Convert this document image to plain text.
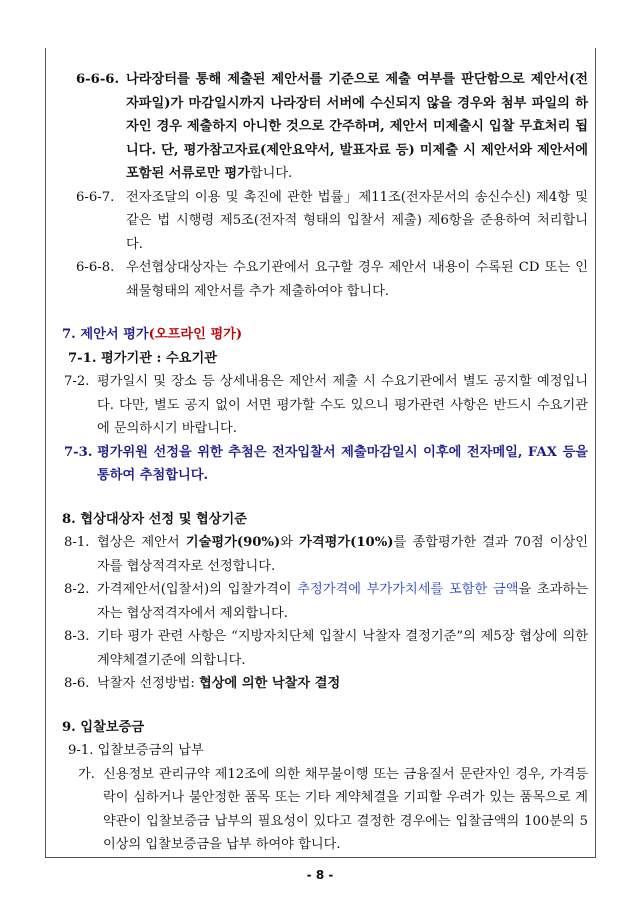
6-6-6. 나라장터를 통해 제출된 제안서를 기준으로 제출 여부를 판단함으로 제안서(전자파일)가 마감일시까지 나라장터 서버에 수신되지 않을 경우와 첨부 파일의 하자인 경우 제출하지 아니한 것으로 간주하며, 제안서 미제출시 입찰 무효처리 됩니다. 단, 평가참고자료(제안요약서, 발표자료 등) 미제출 시 제안서와 제안서에 포함된 서류로만 평가합니다.
6-6-7. 전자조달의 이용 및 촉진에 관한 법률」제11조(전자문서의 송신수신) 제4항 및 같은 법 시행령 제5조(전자적 형태의 입찰서 제출) 제6항을 준용하여 처리합니다.
6-6-8. 우선협상대상자는 수요기관에서 요구할 경우 제안서 내용이 수록된 CD 또는 인쇄물형태의 제안서를 추가 제출하여야 합니다.
7. 제안서 평가(오프라인 평가)
7-1. 평가기관 : 수요기관
7-2. 평가일시 및 장소 등 상세내용은 제안서 제출 시 수요기관에서 별도 공지할 예정입니다. 다만, 별도 공지 없이 서면 평가할 수도 있으니 평가관련 사항은 반드시 수요기관에 문의하시기 바랍니다.
7-3. 평가위원 선정을 위한 추첨은 전자입찰서 제출마감일시 이후에 전자메일, FAX 등을 통하여 추첨합니다.
8. 협상대상자 선정 및 협상기준
8-1. 협상은 제안서 기술평가(90%)와 가격평가(10%)를 종합평가한 결과 70점 이상인 자를 협상적격자로 선정합니다.
8-2. 가격제안서(입찰서)의 입찰가격이 추정가격에 부가가치세를 포함한 금액을 초과하는 자는 협상적격자에서 제외합니다.
8-3. 기타 평가 관련 사항은 “지방자치단체 입찰시 낙찰자 결정기준”의 제5장 협상에 의한 계약체결기준에 의합니다.
8-6. 낙찰자 선정방법: 협상에 의한 낙찰자 결정
9. 입찰보증금
9-1. 입찰보증금의 납부
가. 신용정보 관리규약 제12조에 의한 채무불이행 또는 금융질서 문란자인 경우, 가격등락이 심하거나 불안정한 품목 또는 기타 계약체결을 기피할 우려가 있는 품목으로 계약관이 입찰보증금 납부의 필요성이 있다고 결정한 경우에는 입찰금액의 100분의 5 이상의 입찰보증금을 납부 하여야 합니다.
- 8 -
